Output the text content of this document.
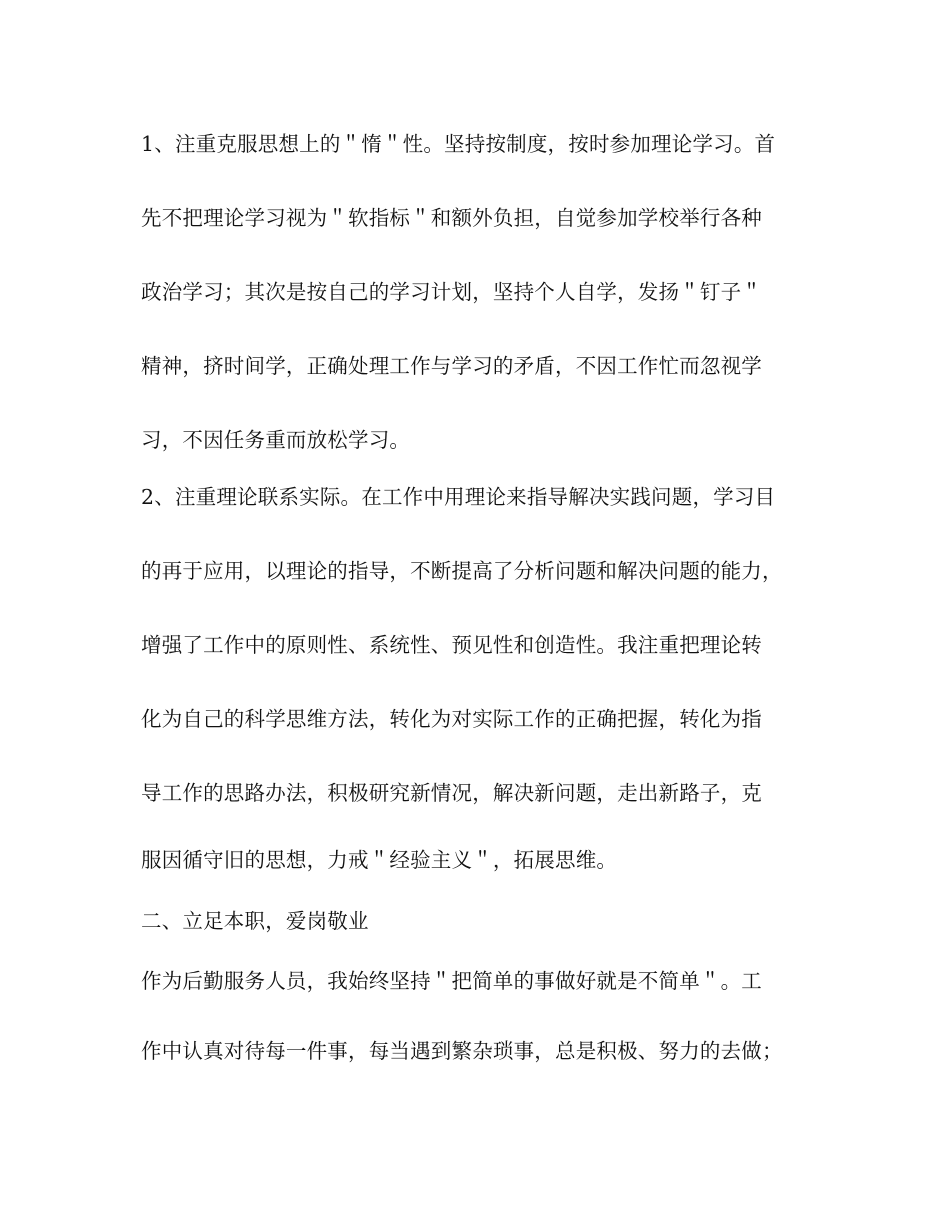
1、注重克服思想上的＂惰＂性。坚持按制度，按时参加理论学习。首
先不把理论学习视为＂软指标＂和额外负担，自觉参加学校举行各种
政治学习；其次是按自己的学习计划，坚持个人自学，发扬＂钉子＂
精神，挤时间学，正确处理工作与学习的矛盾，不因工作忙而忽视学
习，不因任务重而放松学习。
2、注重理论联系实际。在工作中用理论来指导解决实践问题，学习目
的再于应用，以理论的指导，不断提高了分析问题和解决问题的能力，
增强了工作中的原则性、系统性、预见性和创造性。我注重把理论转
化为自己的科学思维方法，转化为对实际工作的正确把握，转化为指
导工作的思路办法，积极研究新情况，解决新问题，走出新路子，克
服因循守旧的思想，力戒＂经验主义＂，拓展思维。
二、立足本职，爱岗敬业
作为后勤服务人员，我始终坚持＂把简单的事做好就是不简单＂。工
作中认真对待每一件事，每当遇到繁杂琐事，总是积极、努力的去做；
